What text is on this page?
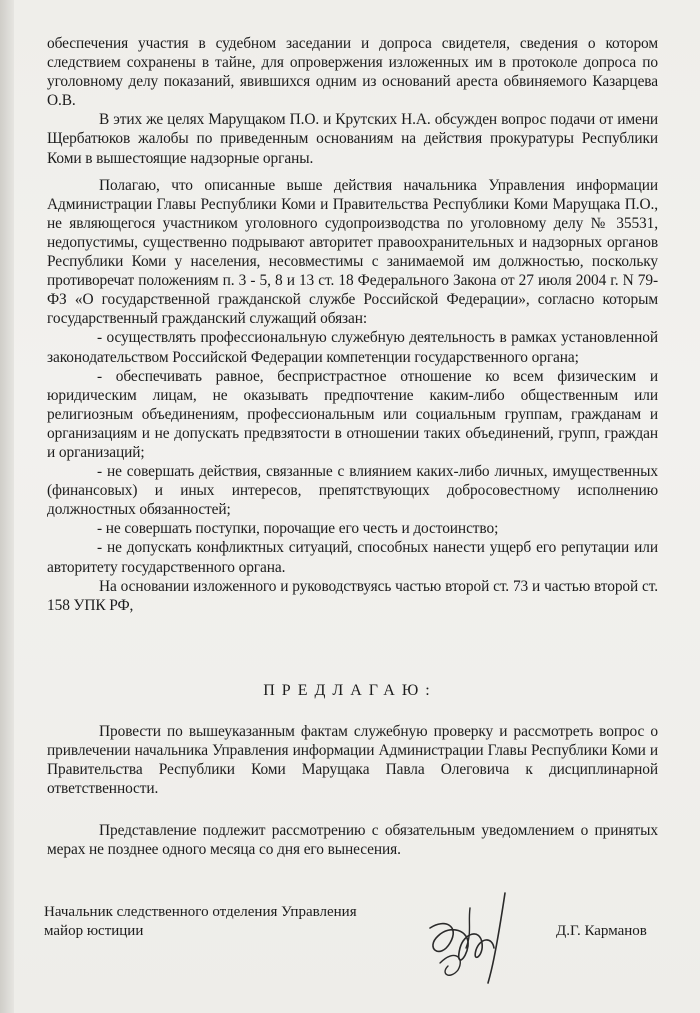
обеспечения участия в судебном заседании и допроса свидетеля, сведения о котором следствием сохранены в тайне, для опровержения изложенных им в протоколе допроса по уголовному делу показаний, явившихся одним из оснований ареста обвиняемого Казарцева О.В.

В этих же целях Марущаком П.О. и Крутских Н.А. обсужден вопрос подачи от имени Щербатюков жалобы по приведенным основаниям на действия прокуратуры Республики Коми в вышестоящие надзорные органы.

Полагаю, что описанные выше действия начальника Управления информации Администрации Главы Республики Коми и Правительства Республики Коми Марущака П.О., не являющегося участником уголовного судопроизводства по уголовному делу № 35531, недопустимы, существенно подрывают авторитет правоохранительных и надзорных органов Республики Коми у населения, несовместимы с занимаемой им должностью, поскольку противоречат положениям п. 3 - 5, 8 и 13 ст. 18 Федерального Закона от 27 июля 2004 г. N 79-ФЗ «О государственной гражданской службе Российской Федерации», согласно которым государственный гражданский служащий обязан:

- осуществлять профессиональную служебную деятельность в рамках установленной законодательством Российской Федерации компетенции государственного органа;

- обеспечивать равное, беспристрастное отношение ко всем физическим и юридическим лицам, не оказывать предпочтение каким-либо общественным или религиозным объединениям, профессиональным или социальным группам, гражданам и организациям и не допускать предвзятости в отношении таких объединений, групп, граждан и организаций;

- не совершать действия, связанные с влиянием каких-либо личных, имущественных (финансовых) и иных интересов, препятствующих добросовестному исполнению должностных обязанностей;

- не совершать поступки, порочащие его честь и достоинство;

- не допускать конфликтных ситуаций, способных нанести ущерб его репутации или авторитету государственного органа.

На основании изложенного и руководствуясь частью второй ст. 73 и частью второй ст. 158 УПК РФ,

ПРЕДЛАГАЮ:

Провести по вышеуказанным фактам служебную проверку и рассмотреть вопрос о привлечении начальника Управления информации Администрации Главы Республики Коми и Правительства Республики Коми Марущака Павла Олеговича к дисциплинарной ответственности.

Представление подлежит рассмотрению с обязательным уведомлением о принятых мерах не позднее одного месяца со дня его вынесения.

Начальник следственного отделения Управления
майор юстиции	Д.Г. Карманов
